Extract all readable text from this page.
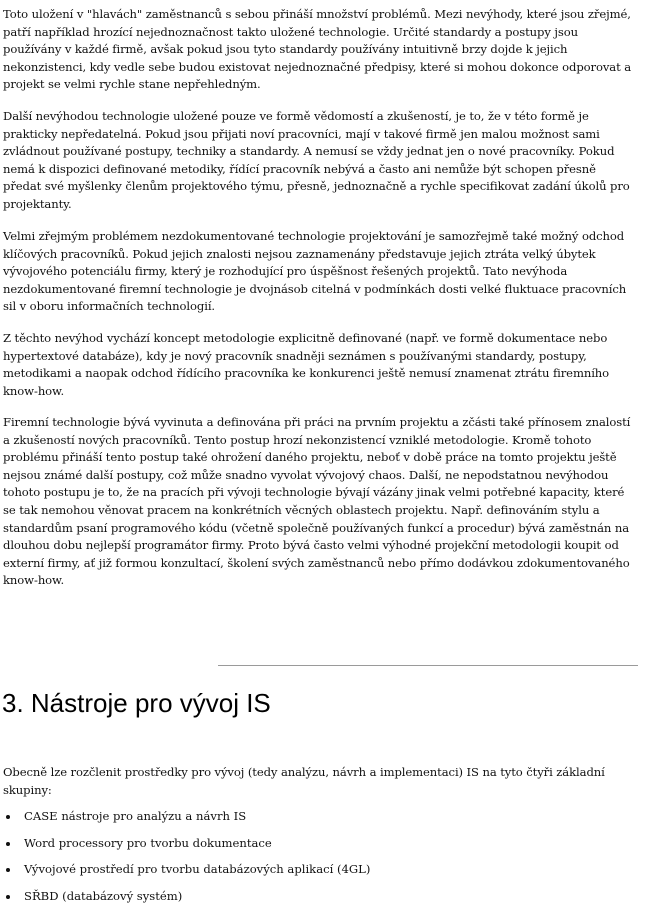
Toto uložení v "hlavách" zaměstnanců s sebou přináší množství problémů. Mezi nevýhody, které jsou zřejmé, patří například hrozící nejednoznačnost takto uložené technologie. Určité standardy a postupy jsou používány v každé firmě, avšak pokud jsou tyto standardy používány intuitivně brzy dojde k jejich nekonzistenci, kdy vedle sebe budou existovat nejednoznačné předpisy, které si mohou dokonce odporovat a projekt se velmi rychle stane nepřehledným.

Další nevýhodou technologie uložené pouze ve formě vědomostí a zkušeností, je to, že v této formě je prakticky nepředatelná. Pokud jsou přijati noví pracovníci, mají v takové firmě jen malou možnost sami zvládnout používané postupy, techniky a standardy. A nemusí se vždy jednat jen o nové pracovníky. Pokud nemá k dispozici definované metodiky, řídící pracovník nebývá a často ani nemůže být schopen přesně předat své myšlenky členům projektového týmu, přesně, jednoznačně a rychle specifikovat zadání úkolů pro projektanty.

Velmi zřejmým problémem nezdokumentované technologie projektování je samozřejmě také možný odchod klíčových pracovníků. Pokud jejich znalosti nejsou zaznamenány představuje jejich ztráta velký úbytek vývojového potenciálu firmy, který je rozhodující pro úspěšnost řešených projektů. Tato nevýhoda nezdokumentované firemní technologie je dvojnásob citelná v podmínkách dosti velké fluktuace pracovních sil v oboru informačních technologií.

Z těchto nevýhod vychází koncept metodologie explicitně definované (např. ve formě dokumentace nebo hypertextové databáze), kdy je nový pracovník snadněji seznámen s používanými standardy, postupy, metodikami a naopak odchod řídícího pracovníka ke konkurenci ještě nemusí znamenat ztrátu firemního know-how.

Firemní technologie bývá vyvinuta a definována při práci na prvním projektu a zčásti také přínosem znalostí a zkušeností nových pracovníků. Tento postup hrozí nekonzistencí vzniklé metodologie. Kromě tohoto problému přináší tento postup také ohrožení daného projektu, neboť v době práce na tomto projektu ještě nejsou známé další postupy, což může snadno vyvolat vývojový chaos. Další, ne nepodstatnou nevýhodou tohoto postupu je to, že na pracích při vývoji technologie bývají vázány jinak velmi potřebné kapacity, které se tak nemohou věnovat pracem na konkrétních věcných oblastech projektu. Např. definováním stylu a standardům psaní programového kódu (včetně společně používaných funkcí a procedur) bývá zaměstnán na dlouhou dobu nejlepší programátor firmy. Proto bývá často velmi výhodné projekční metodologii koupit od externí firmy, ať již formou konzultací, školení svých zaměstnanců nebo přímo dodávkou zdokumentovaného know-how.

3. Nástroje pro vývoj IS

Obecně lze rozčlenit prostředky pro vývoj (tedy analýzu, návrh a implementaci) IS na tyto čtyři základní skupiny:

CASE nástroje pro analýzu a návrh IS
Word processory pro tvorbu dokumentace
Vývojové prostředí pro tvorbu databázových aplikací (4GL)
SŘBD (databázový systém)
